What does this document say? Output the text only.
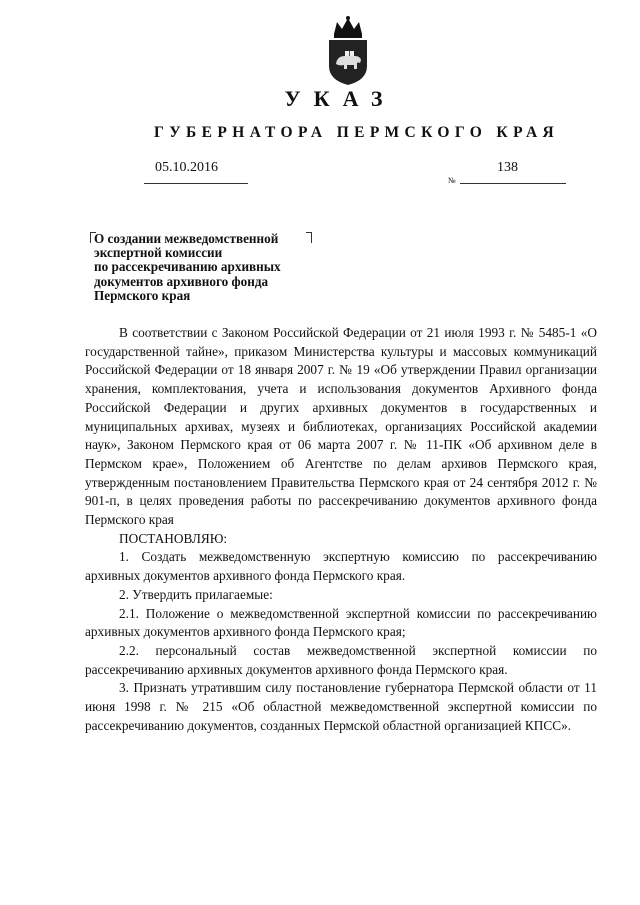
УКАЗ
ГУБЕРНАТОРА ПЕРМСКОГО КРАЯ
05.10.2016
№
138
О создании межведомственной
экспертной комиссии
по рассекречиванию архивных
документов архивного фонда
Пермского края

В соответствии с Законом Российской Федерации от 21 июля 1993 г. № 5485-1 «О государственной тайне», приказом Министерства культуры и массовых коммуникаций Российской Федерации от 18 января 2007 г. № 19 «Об утверждении Правил организации хранения, комплектования, учета и использования документов Архивного фонда Российской Федерации и других архивных документов в государственных и муниципальных архивах, музеях и библиотеках, организациях Российской академии наук», Законом Пермского края от 06 марта 2007 г. № 11-ПК «Об архивном деле в Пермском крае», Положением об Агентстве по делам архивов Пермского края, утвержденным постановлением Правительства Пермского края от 24 сентября 2012 г. № 901-п, в целях проведения работы по рассекречиванию документов архивного фонда Пермского края

ПОСТАНОВЛЯЮ:

1. Создать межведомственную экспертную комиссию по рассекречиванию архивных документов архивного фонда Пермского края.

2. Утвердить прилагаемые:

2.1. Положение о межведомственной экспертной комиссии по рассекречиванию архивных документов архивного фонда Пермского края;

2.2. персональный состав межведомственной экспертной комиссии по рассекречиванию архивных документов архивного фонда Пермского края.

3. Признать утратившим силу постановление губернатора Пермской области от 11 июня 1998 г. № 215 «Об областной межведомственной экспертной комиссии по рассекречиванию документов, созданных Пермской областной организацией КПСС».
